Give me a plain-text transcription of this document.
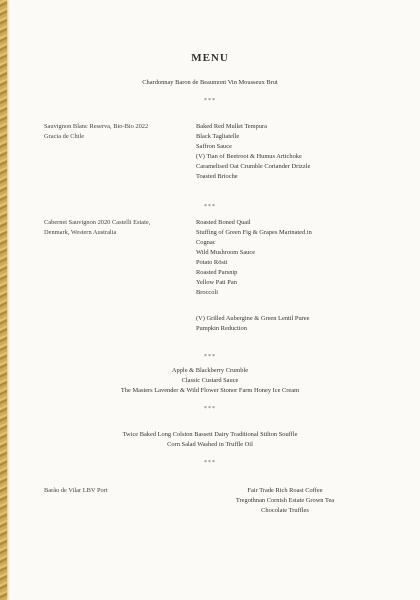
MENU
Chardonnay Baron de Beaumont Vin Mousseux Brut
***
Sauvignon Blanc Reserva, Bio-Bio 2022
Gracia de Chile
Baked Red Mullet Tempura
Black Tagliatelle
Saffron Sauce
(V) Tian of Beetroot & Humus Artichoke
Caramelised Oat Crumble Coriander Drizzle
Toasted Brioche
***
Cabernet Sauvignon 2020 Castelli Estate,
Denmark, Western Australia
Roasted Boned Quail
Stuffing of Green Fig & Grapes Marinated in
Cognac
Wild Mushroom Sauce
Potato Rösti
Roasted Parsnip
Yellow Pati Pan
Broccoli
(V) Grilled Aubergine & Green Lentil Puree
Pumpkin Reduction
***
Apple & Blackberry Crumble
Classic Custard Sauce
The Masters Lavender & Wild Flower Stonor Farm Honey Ice Cream
***
Twice Baked Long Colston Bassett Dairy Traditional Stilton Souffle
Corn Salad Washed in Truffle Oil
***
Barão de Vilar LBV Port	Fair Trade Rich Roast Coffee
Tregothnan Cornish Estate Grown Tea
Chocolate Truffles
